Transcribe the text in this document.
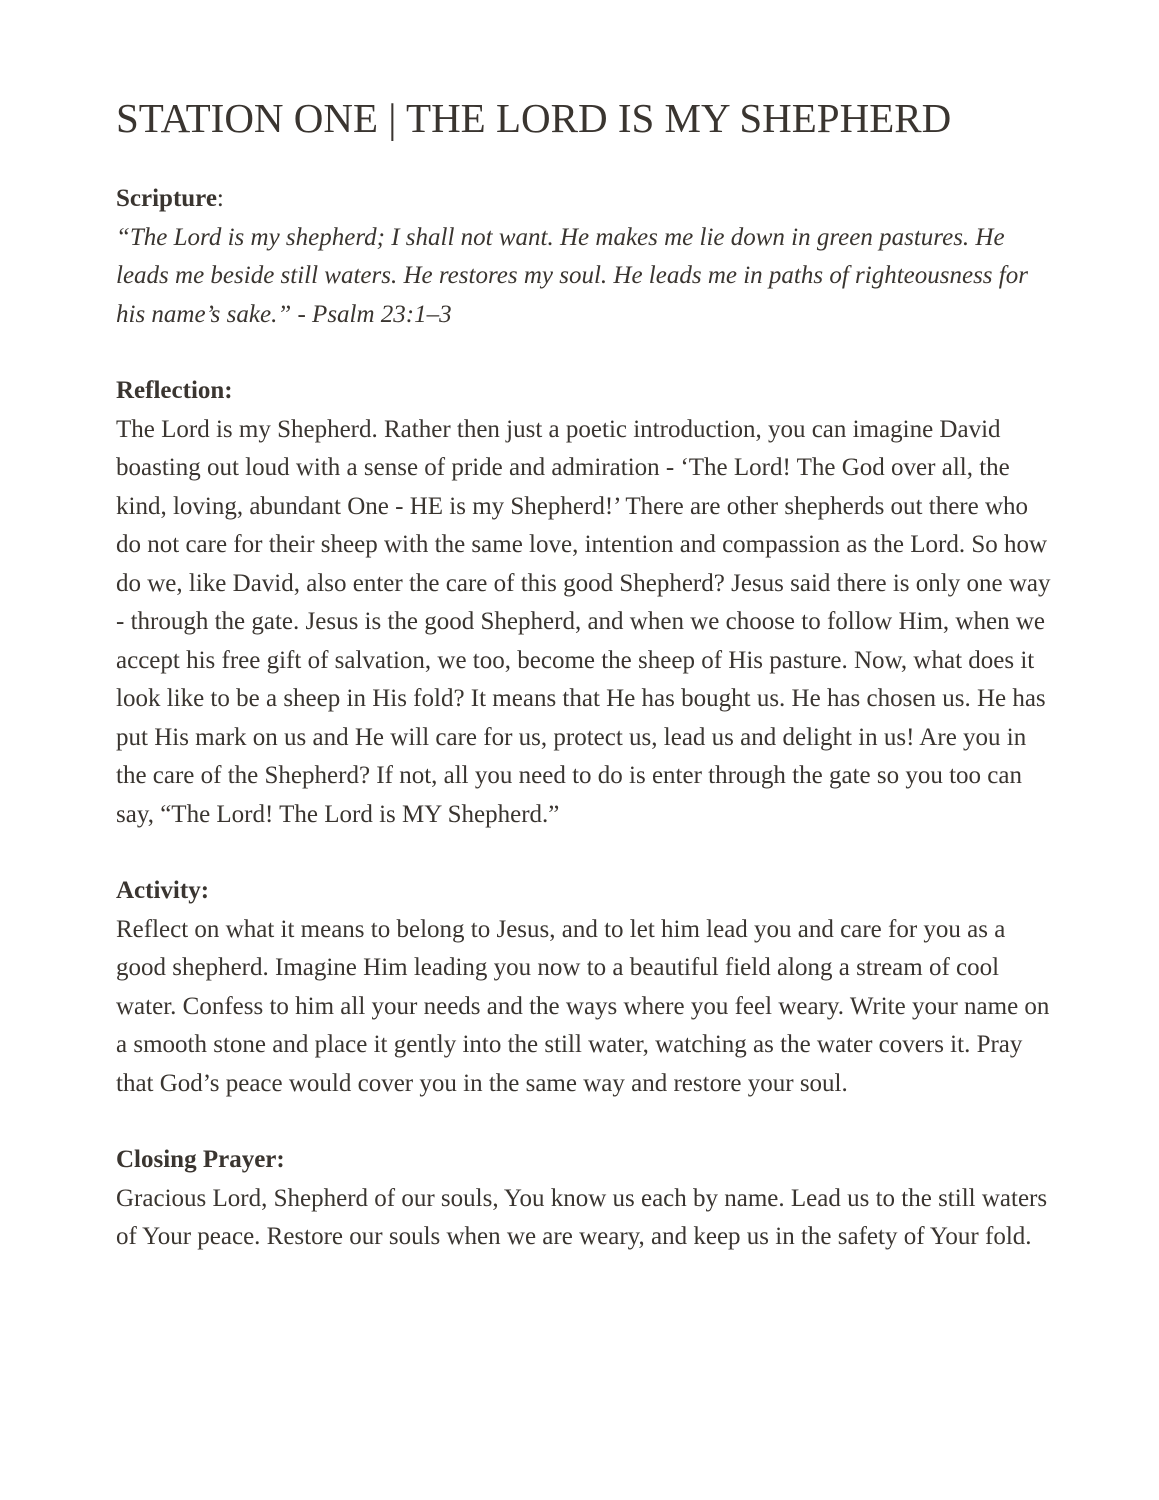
STATION ONE | THE LORD IS MY SHEPHERD

Scripture:

“The Lord is my shepherd; I shall not want. He makes me lie down in green pastures. He leads me beside still waters. He restores my soul. He leads me in paths of righteousness for his name’s sake.” - Psalm 23:1–3

Reflection:

The Lord is my Shepherd. Rather then just a poetic introduction, you can imagine David boasting out loud with a sense of pride and admiration - ‘The Lord! The God over all, the kind, loving, abundant One - HE is my Shepherd!’ There are other shepherds out there who do not care for their sheep with the same love, intention and compassion as the Lord. So how do we, like David, also enter the care of this good Shepherd? Jesus said there is only one way - through the gate. Jesus is the good Shepherd, and when we choose to follow Him, when we accept his free gift of salvation, we too, become the sheep of His pasture. Now, what does it look like to be a sheep in His fold? It means that He has bought us. He has chosen us. He has put His mark on us and He will care for us, protect us, lead us and delight in us! Are you in the care of the Shepherd? If not, all you need to do is enter through the gate so you too can say, “The Lord! The Lord is MY Shepherd.”

Activity:

Reflect on what it means to belong to Jesus, and to let him lead you and care for you as a good shepherd. Imagine Him leading you now to a beautiful field along a stream of cool water. Confess to him all your needs and the ways where you feel weary. Write your name on a smooth stone and place it gently into the still water, watching as the water covers it. Pray that God’s peace would cover you in the same way and restore your soul.

Closing Prayer:

Gracious Lord, Shepherd of our souls, You know us each by name. Lead us to the still waters of Your peace. Restore our souls when we are weary, and keep us in the safety of Your fold.
